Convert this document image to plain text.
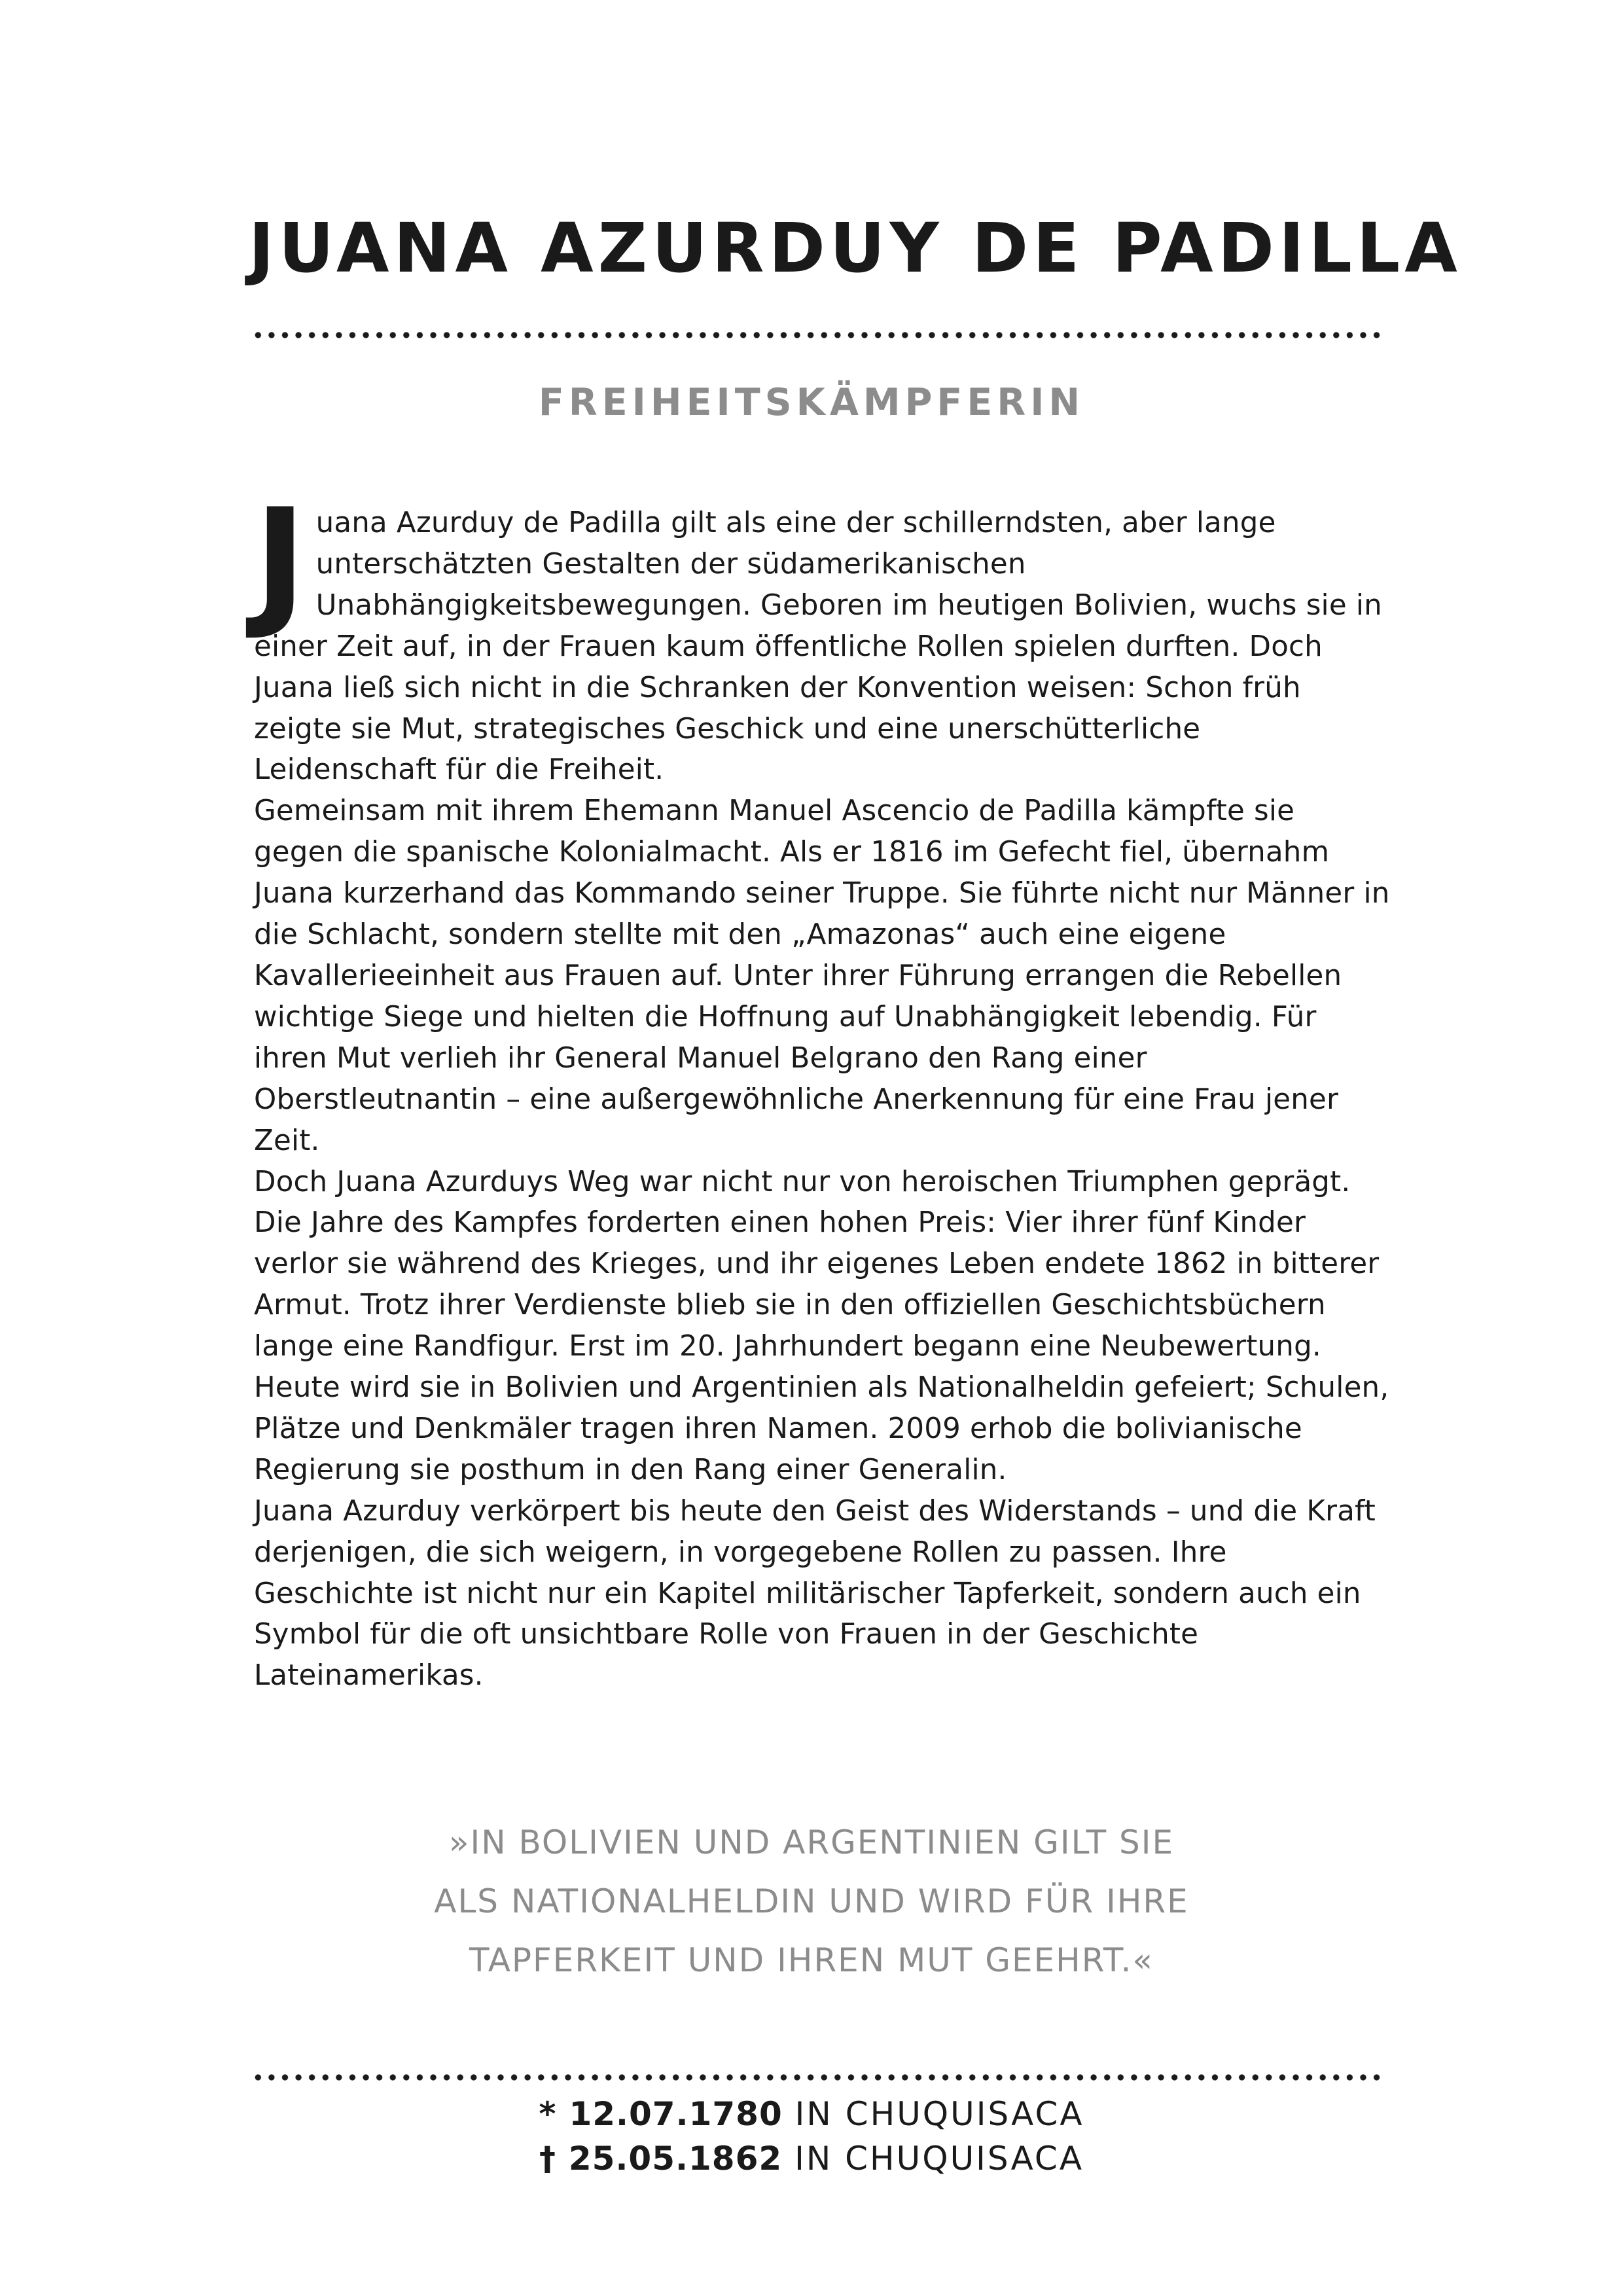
JUANA AZURDUY DE PADILLA
FREIHEITSKÄMPFERIN

Juana Azurduy de Padilla gilt als eine der schillerndsten, aber lange unterschätzten Gestalten der südamerikanischen Unabhängigkeitsbewegungen. Geboren im heutigen Bolivien, wuchs sie in einer Zeit auf, in der Frauen kaum öffentliche Rollen spielen durften. Doch Juana ließ sich nicht in die Schranken der Konvention weisen: Schon früh zeigte sie Mut, strategisches Geschick und eine unerschütterliche Leidenschaft für die Freiheit.

Gemeinsam mit ihrem Ehemann Manuel Ascencio de Padilla kämpfte sie gegen die spanische Kolonialmacht. Als er 1816 im Gefecht fiel, übernahm Juana kurzerhand das Kommando seiner Truppe. Sie führte nicht nur Männer in die Schlacht, sondern stellte mit den „Amazonas“ auch eine eigene Kavallerieeinheit aus Frauen auf. Unter ihrer Führung errangen die Rebellen wichtige Siege und hielten die Hoffnung auf Unabhängigkeit lebendig. Für ihren Mut verlieh ihr General Manuel Belgrano den Rang einer Oberstleutnantin – eine außergewöhnliche Anerkennung für eine Frau jener Zeit.

Doch Juana Azurduys Weg war nicht nur von heroischen Triumphen geprägt. Die Jahre des Kampfes forderten einen hohen Preis: Vier ihrer fünf Kinder verlor sie während des Krieges, und ihr eigenes Leben endete 1862 in bitterer Armut. Trotz ihrer Verdienste blieb sie in den offiziellen Geschichtsbüchern lange eine Randfigur. Erst im 20. Jahrhundert begann eine Neubewertung. Heute wird sie in Bolivien und Argentinien als Nationalheldin gefeiert; Schulen, Plätze und Denkmäler tragen ihren Namen. 2009 erhob die bolivianische Regierung sie posthum in den Rang einer Generalin.

Juana Azurduy verkörpert bis heute den Geist des Widerstands – und die Kraft derjenigen, die sich weigern, in vorgegebene Rollen zu passen. Ihre Geschichte ist nicht nur ein Kapitel militärischer Tapferkeit, sondern auch ein Symbol für die oft unsichtbare Rolle von Frauen in der Geschichte Lateinamerikas.

»IN BOLIVIEN UND ARGENTINIEN GILT SIE
ALS NATIONALHELDIN UND WIRD FÜR IHRE
TAPFERKEIT UND IHREN MUT GEEHRT.«
* 12.07.1780 IN CHUQUISACA
† 25.05.1862 IN CHUQUISACA
